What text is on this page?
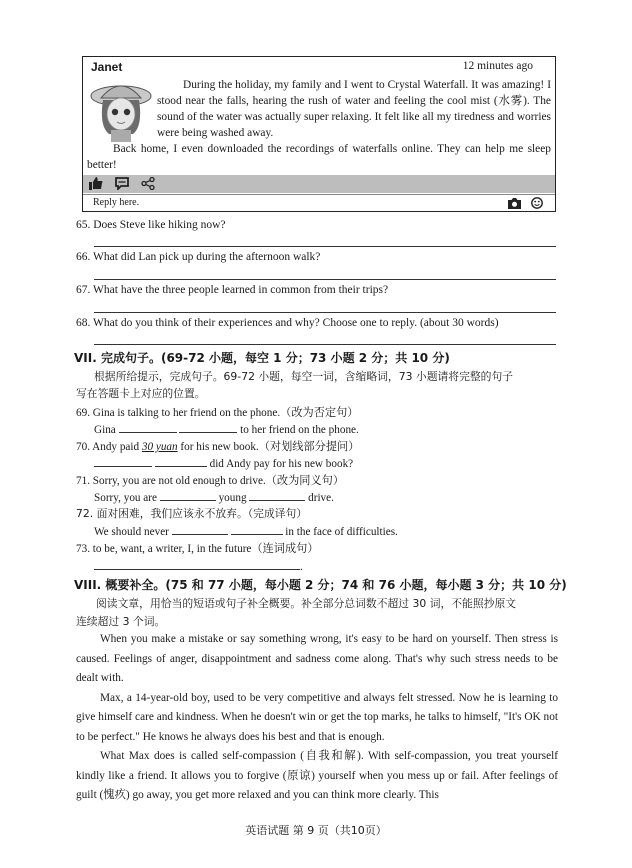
Janet	12 minutes ago

During the holiday, my family and I went to Crystal Waterfall. It was amazing! I stood near the falls, hearing the rush of water and feeling the cool mist (水雾). The sound of the water was actually super relaxing. It felt like all my tiredness and worries were being washed away.

Back home, I even downloaded the recordings of waterfalls online. They can help me sleep better!

Reply here.
65. Does Steve like hiking now?
66. What did Lan pick up during the afternoon walk?
67. What have the three people learned in common from their trips?
68. What do you think of their experiences and why? Choose one to reply. (about 30 words)
VII. 完成句子。(69-72 小题，每空 1 分；73 小题 2 分；共 10 分)
根据所给提示，完成句子。69-72 小题，每空一词，含缩略词，73 小题请将完整的句子
写在答题卡上对应的位置。
69. Gina is talking to her friend on the phone.（改为否定句）
Gina	to her friend on the phone.
70. Andy paid 30 yuan for his new book.（对划线部分提问）
did Andy pay for his new book?
71. Sorry, you are not old enough to drive.（改为同义句）
Sorry, you are	young	drive.
72. 面对困难，我们应该永不放弃。（完成译句）
We should never	in the face of difficulties.
73. to be, want, a writer, I, in the future（连词成句）
.
VIII. 概要补全。(75 和 77 小题，每小题 2 分；74 和 76 小题，每小题 3 分；共 10 分)
阅读文章，用恰当的短语或句子补全概要。补全部分总词数不超过 30 词，不能照抄原文
连续超过 3 个词。

When you make a mistake or say something wrong, it's easy to be hard on yourself. Then stress is caused. Feelings of anger, disappointment and sadness come along. That's why such stress needs to be dealt with.

Max, a 14-year-old boy, used to be very competitive and always felt stressed. Now he is learning to give himself care and kindness. When he doesn't win or get the top marks, he talks to himself, "It's OK not to be perfect." He knows he always does his best and that is enough.

What Max does is called self-compassion (自我和解). With self-compassion, you treat yourself kindly like a friend. It allows you to forgive (原谅) yourself when you mess up or fail. After feelings of guilt (愧疚) go away, you get more relaxed and you can think more clearly. This

英语试题 第 9 页（共10页）
